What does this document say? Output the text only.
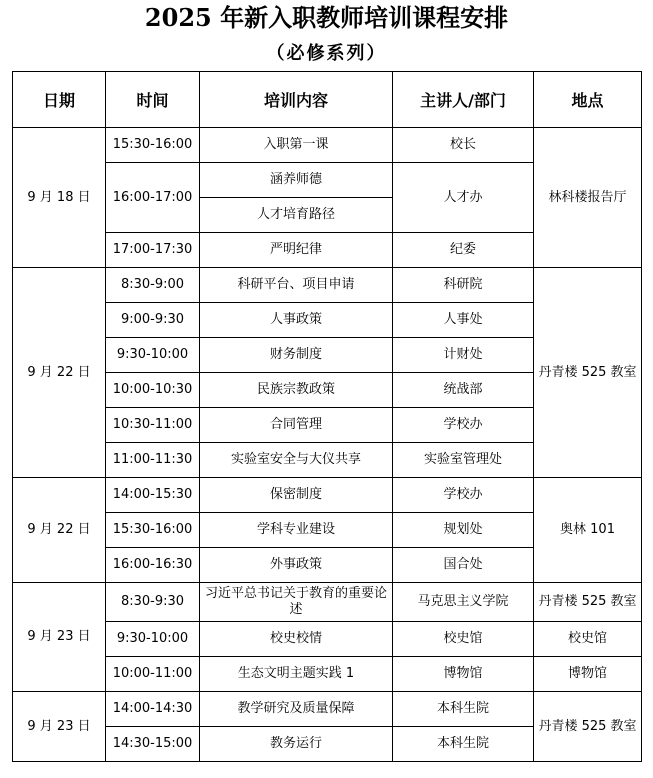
2025 年新入职教师培训课程安排
（必修系列）
日期	时间	培训内容	主讲人/部门	地点
9 月 18 日	15:30-16:00	入职第一课	校长	林科楼报告厅
	16:00-17:00	涵养师德	人才办	
		人才培育路径		
	17:00-17:30	严明纪律	纪委	
9 月 22 日	8:30-9:00	科研平台、项目申请	科研院	丹青楼 525 教室
	9:00-9:30	人事政策	人事处	
	9:30-10:00	财务制度	计财处	
	10:00-10:30	民族宗教政策	统战部	
	10:30-11:00	合同管理	学校办	
	11:00-11:30	实验室安全与大仪共享	实验室管理处	
9 月 22 日	14:00-15:30	保密制度	学校办	奥林 101
	15:30-16:00	学科专业建设	规划处	
	16:00-16:30	外事政策	国合处	
9 月 23 日	8:30-9:30	习近平总书记关于教育的重要论述	马克思主义学院	丹青楼 525 教室
	9:30-10:00	校史校情	校史馆	校史馆
	10:00-11:00	生态文明主题实践 1	博物馆	博物馆
9 月 23 日	14:00-14:30	教学研究及质量保障	本科生院	丹青楼 525 教室
	14:30-15:00	教务运行	本科生院	
